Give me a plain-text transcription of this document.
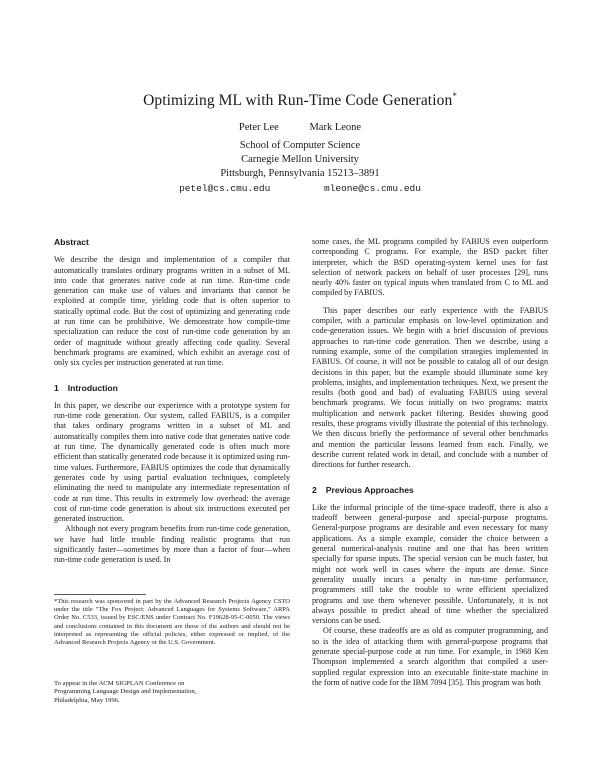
Optimizing ML with Run-Time Code Generation*
Peter Lee	Mark Leone
School of Computer Science
Carnegie Mellon University
Pittsburgh, Pennsylvania 15213–3891
petel@cs.cmu.edu	mleone@cs.cmu.edu
Abstract

We describe the design and implementation of a compiler that automatically translates ordinary programs written in a subset of ML into code that generates native code at run time. Run-time code generation can make use of values and invariants that cannot be exploited at compile time, yielding code that is often superior to statically optimal code. But the cost of optimizing and generating code at run time can be prohibitive. We demonstrate how compile-time specialization can reduce the cost of run-time code generation by an order of magnitude without greatly affecting code quality. Several benchmark programs are examined, which exhibit an average cost of only six cycles per instruction generated at run time.

1 Introduction

In this paper, we describe our experience with a prototype system for run-time code generation. Our system, called FABIUS, is a compiler that takes ordinary programs written in a subset of ML and automatically compiles them into native code that generates native code at run time. The dynamically generated code is often much more efficient than statically generated code because it is optimized using run-time values. Furthermore, FABIUS optimizes the code that dynamically generates code by using partial evaluation techniques, completely eliminating the need to manipulate any intermediate representation of code at run time. This results in extremely low overhead: the average cost of run-time code generation is about six instructions executed per generated instruction.

Although not every program benefits from run-time code generation, we have had little trouble finding realistic programs that run significantly faster—sometimes by more than a factor of four—when run-time code generation is used. In

*This research was sponsored in part by the Advanced Research Projects Agency CSTO under the title "The Fox Project: Advanced Languages for Systems Software," ARPA Order No. C533, issued by ESC/ENS under Contract No. F19628-95-C-0050. The views and conclusions contained in this document are those of the authors and should not be interpreted as representing the official policies, either expressed or implied, of the Advanced Research Projects Agency or the U.S. Government.
To appear in the ACM SIGPLAN Conference on
Programming Language Design and Implementation,
Philadelphia, May 1996.

some cases, the ML programs compiled by FABIUS even outperform corresponding C programs. For example, the BSD packet filter interpreter, which the BSD operating-system kernel uses for fast selection of network packets on behalf of user processes [29], runs nearly 40% faster on typical inputs when translated from C to ML and compiled by FABIUS.

This paper describes our early experience with the FABIUS compiler, with a particular emphasis on low-level optimization and code-generation issues. We begin with a brief discussion of previous approaches to run-time code generation. Then we describe, using a running example, some of the compilation strategies implemented in FABIUS. Of course, it will not be possible to catalog all of our design decisions in this paper, but the example should illuminate some key problems, insights, and implementation techniques. Next, we present the results (both good and bad) of evaluating FABIUS using several benchmark programs. We focus initially on two programs: matrix multiplication and network packet filtering. Besides showing good results, these programs vividly illustrate the potential of this technology. We then discuss briefly the performance of several other benchmarks and mention the particular lessons learned from each. Finally, we describe current related work in detail, and conclude with a number of directions for further research.

2 Previous Approaches

Like the informal principle of the time-space tradeoff, there is also a tradeoff between general-purpose and special-purpose programs. General-purpose programs are desirable and even necessary for many applications. As a simple example, consider the choice between a general numerical-analysis routine and one that has been written specially for sparse inputs. The special version can be much faster, but might not work well in cases where the inputs are dense. Since generality usually incurs a penalty in run-time performance, programmers still take the trouble to write efficient specialized programs and use them whenever possible. Unfortunately, it is not always possible to predict ahead of time whether the specialized versions can be used.

Of course, these tradeoffs are as old as computer programming, and so is the idea of attacking them with general-purpose programs that generate special-purpose code at run time. For example, in 1968 Ken Thompson implemented a search algorithm that compiled a user-supplied regular expression into an executable finite-state machine in the form of native code for the IBM 7094 [35]. This program was both
